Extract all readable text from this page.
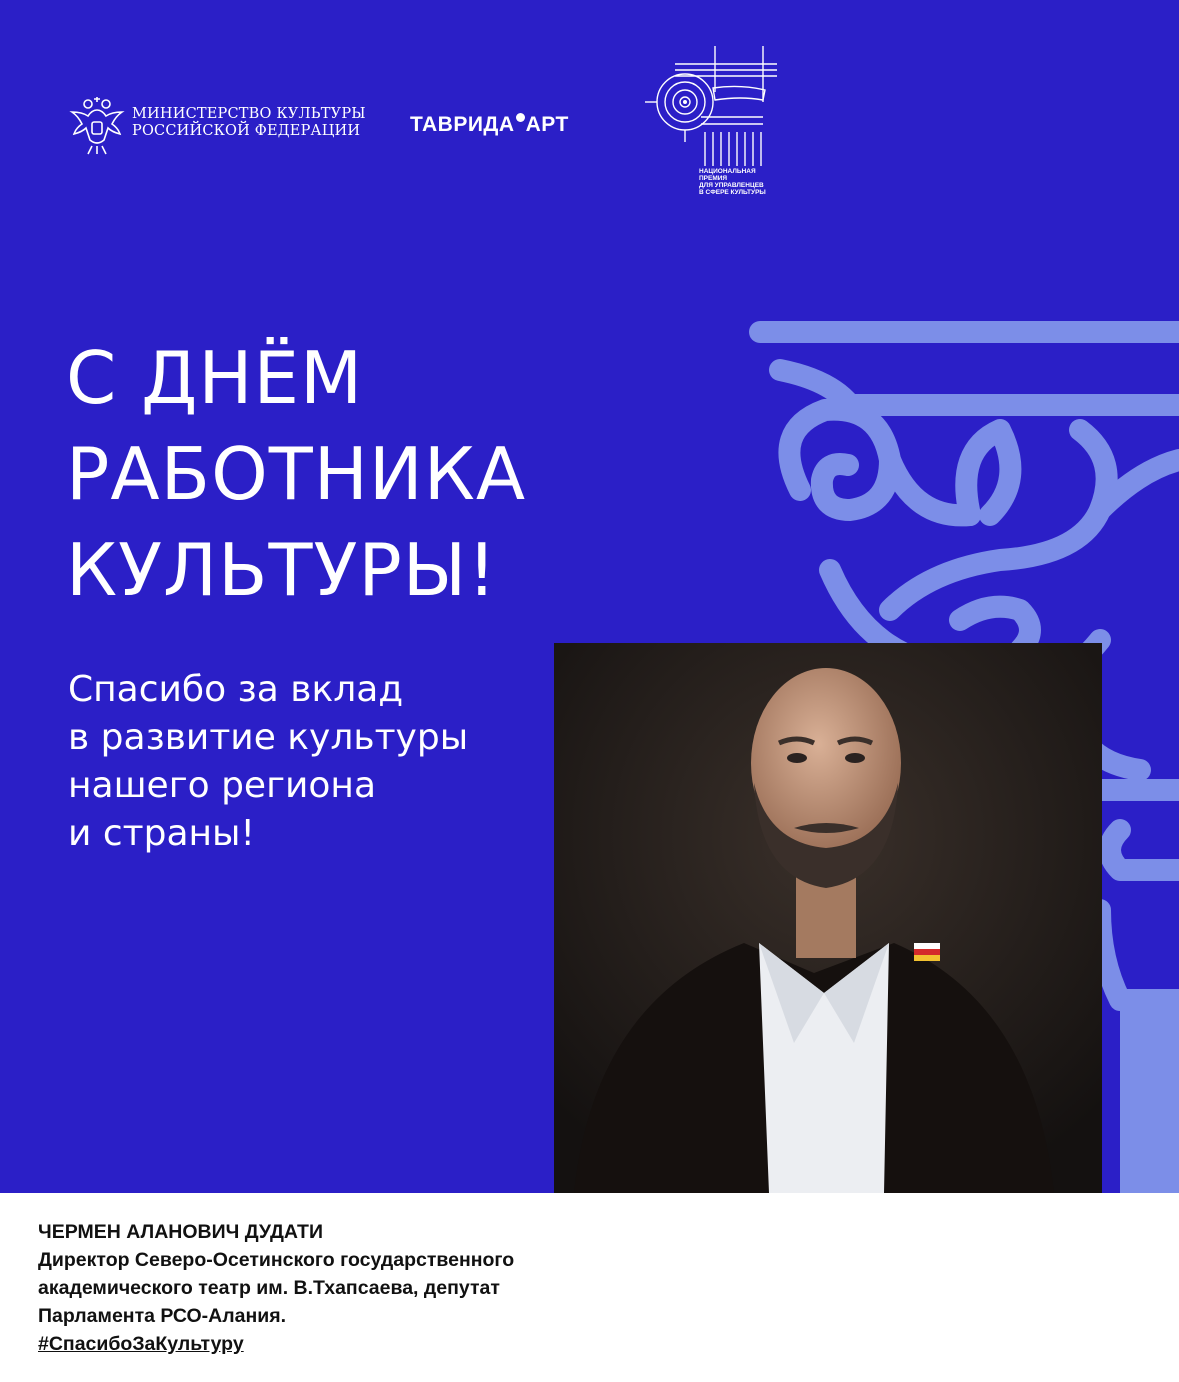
МИНИСТЕРСТВО КУЛЬТУРЫ
РОССИЙСКОЙ ФЕДЕРАЦИИ ТАВРИДА АРТ
НАЦИОНАЛЬНАЯ
ПРЕМИЯ
ДЛЯ УПРАВЛЕНЦЕВ
В СФЕРЕ КУЛЬТУРЫ
С ДНЁМ
РАБОТНИКА
КУЛЬТУРЫ!

Спасибо за вклад
в развитие культуры
нашего региона
и страны!

ЧЕРМЕН АЛАНОВИЧ ДУДАТИ
Директор Северо-Осетинского государственного
академического театр им. В.Тхапсаева, депутат
Парламента РСО-Алания.
#СпасибоЗаКультуру
